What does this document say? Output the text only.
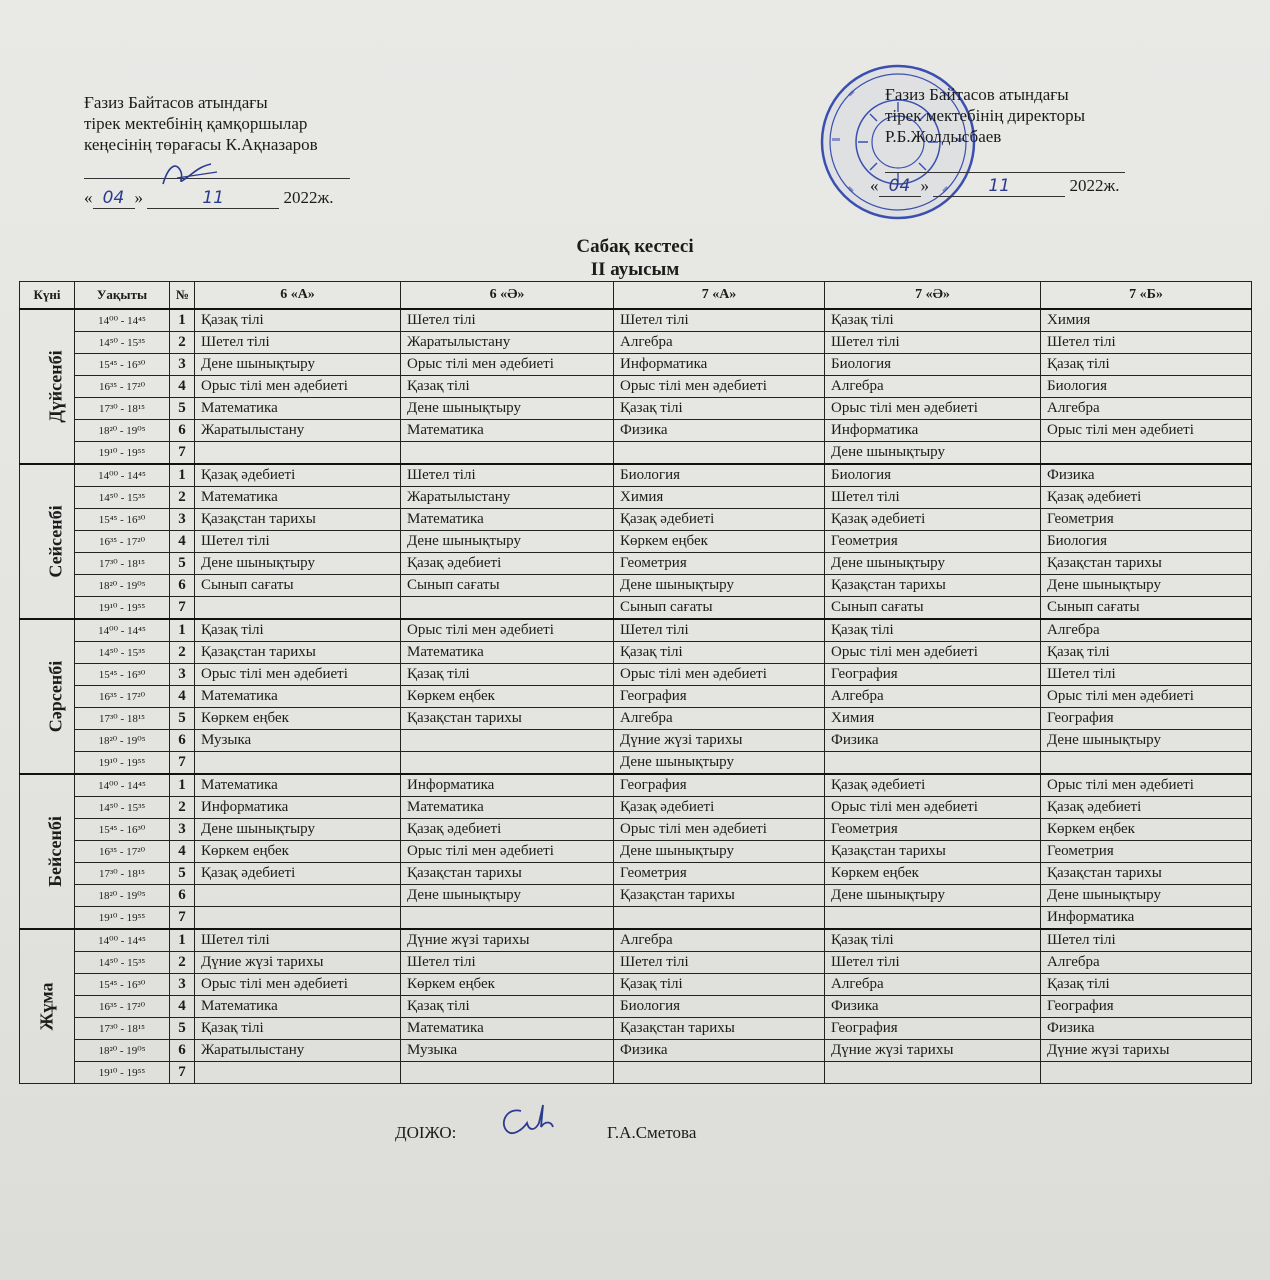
Ғазиз Байтасов атындағы
тірек мектебінің қамқоршылар
кеңесінің төрағасы К.Ақназаров
« 04 »	11	2022ж.
Ғазиз Байтасов атындағы
тірек мектебінің директоры
Р.Б.Жолдысбаев
« 04 »	11	2022ж.
Сабақ кестесі
ІІ ауысым
Күні	Уақыты	№	6 «А»	6 «Ә»	7 «А»	7 «Ә»	7 «Б»
Дүйсенбі	14⁰⁰ - 14⁴⁵	1	Қазақ тілі	Шетел тілі	Шетел тілі	Қазақ тілі	Химия
	14⁵⁰ - 15³⁵	2	Шетел тілі	Жаратылыстану	Алгебра	Шетел тілі	Шетел тілі
	15⁴⁵ - 16³⁰	3	Дене шынықтыру	Орыс тілі мен әдебиеті	Информатика	Биология	Қазақ тілі
	16³⁵ - 17²⁰	4	Орыс тілі мен әдебиеті	Қазақ тілі	Орыс тілі мен әдебиеті	Алгебра	Биология
	17³⁰ - 18¹⁵	5	Математика	Дене шынықтыру	Қазақ тілі	Орыс тілі мен әдебиеті	Алгебра
	18²⁰ - 19⁰⁵	6	Жаратылыстану	Математика	Физика	Информатика	Орыс тілі мен әдебиеті
	19¹⁰ - 19⁵⁵	7				Дене шынықтыру	
Сейсенбі	14⁰⁰ - 14⁴⁵	1	Қазақ әдебиеті	Шетел тілі	Биология	Биология	Физика
	14⁵⁰ - 15³⁵	2	Математика	Жаратылыстану	Химия	Шетел тілі	Қазақ әдебиеті
	15⁴⁵ - 16³⁰	3	Қазақстан тарихы	Математика	Қазақ әдебиеті	Қазақ әдебиеті	Геометрия
	16³⁵ - 17²⁰	4	Шетел тілі	Дене шынықтыру	Көркем еңбек	Геометрия	Биология
	17³⁰ - 18¹⁵	5	Дене шынықтыру	Қазақ әдебиеті	Геометрия	Дене шынықтыру	Қазақстан тарихы
	18²⁰ - 19⁰⁵	6	Сынып сағаты	Сынып сағаты	Дене шынықтыру	Қазақстан тарихы	Дене шынықтыру
	19¹⁰ - 19⁵⁵	7			Сынып сағаты	Сынып сағаты	Сынып сағаты
Сәрсенбі	14⁰⁰ - 14⁴⁵	1	Қазақ тілі	Орыс тілі мен әдебиеті	Шетел тілі	Қазақ тілі	Алгебра
	14⁵⁰ - 15³⁵	2	Қазақстан тарихы	Математика	Қазақ тілі	Орыс тілі мен әдебиеті	Қазақ тілі
	15⁴⁵ - 16³⁰	3	Орыс тілі мен әдебиеті	Қазақ тілі	Орыс тілі мен әдебиеті	География	Шетел тілі
	16³⁵ - 17²⁰	4	Математика	Көркем еңбек	География	Алгебра	Орыс тілі мен әдебиеті
	17³⁰ - 18¹⁵	5	Көркем еңбек	Қазақстан тарихы	Алгебра	Химия	География
	18²⁰ - 19⁰⁵	6	Музыка		Дүние жүзі тарихы	Физика	Дене шынықтыру
	19¹⁰ - 19⁵⁵	7			Дене шынықтыру		
Бейсенбі	14⁰⁰ - 14⁴⁵	1	Математика	Информатика	География	Қазақ әдебиеті	Орыс тілі мен әдебиеті
	14⁵⁰ - 15³⁵	2	Информатика	Математика	Қазақ әдебиеті	Орыс тілі мен әдебиеті	Қазақ әдебиеті
	15⁴⁵ - 16³⁰	3	Дене шынықтыру	Қазақ әдебиеті	Орыс тілі мен әдебиеті	Геометрия	Көркем еңбек
	16³⁵ - 17²⁰	4	Көркем еңбек	Орыс тілі мен әдебиеті	Дене шынықтыру	Қазақстан тарихы	Геометрия
	17³⁰ - 18¹⁵	5	Қазақ әдебиеті	Қазақстан тарихы	Геометрия	Көркем еңбек	Қазақстан тарихы
	18²⁰ - 19⁰⁵	6		Дене шынықтыру	Қазақстан тарихы	Дене шынықтыру	Дене шынықтыру
	19¹⁰ - 19⁵⁵	7					Информатика
Жұма	14⁰⁰ - 14⁴⁵	1	Шетел тілі	Дүние жүзі тарихы	Алгебра	Қазақ тілі	Шетел тілі
	14⁵⁰ - 15³⁵	2	Дүние жүзі тарихы	Шетел тілі	Шетел тілі	Шетел тілі	Алгебра
	15⁴⁵ - 16³⁰	3	Орыс тілі мен әдебиеті	Көркем еңбек	Қазақ тілі	Алгебра	Қазақ тілі
	16³⁵ - 17²⁰	4	Математика	Қазақ тілі	Биология	Физика	География
	17³⁰ - 18¹⁵	5	Қазақ тілі	Математика	Қазақстан тарихы	География	Физика
	18²⁰ - 19⁰⁵	6	Жаратылыстану	Музыка	Физика	Дүние жүзі тарихы	Дүние жүзі тарихы
	19¹⁰ - 19⁵⁵	7					
ДОІЖО:	Г.А.Сметова
